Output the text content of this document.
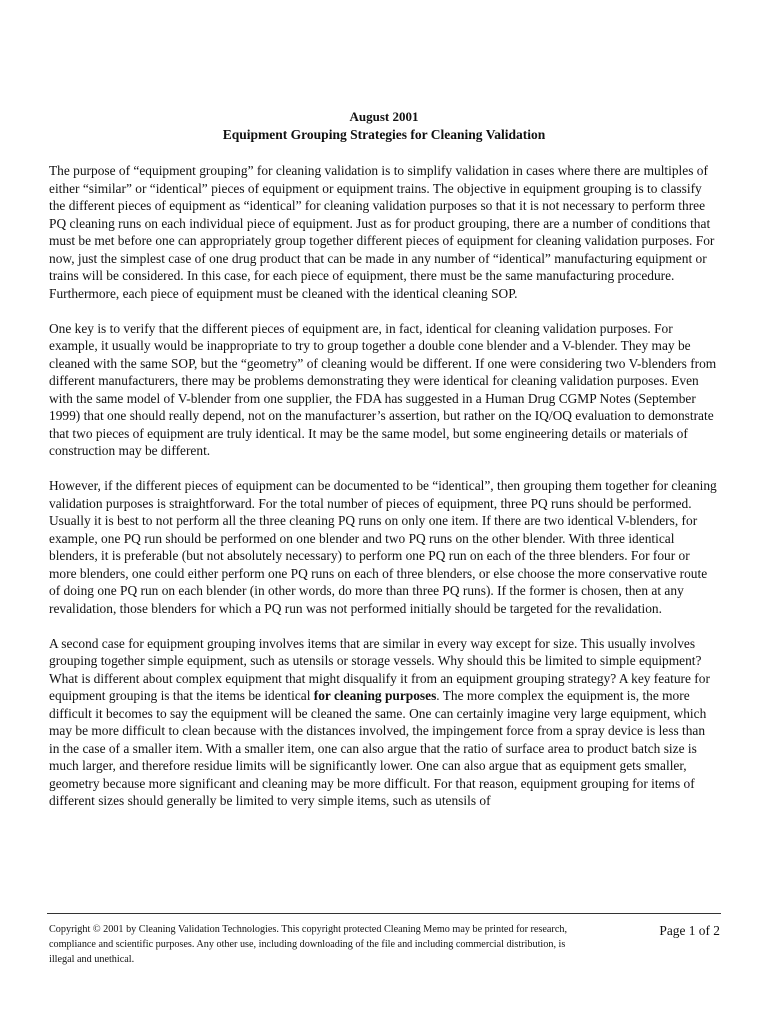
August 2001

Equipment Grouping Strategies for Cleaning Validation

The purpose of “equipment grouping” for cleaning validation is to simplify validation in cases where there are multiples of either “similar” or “identical” pieces of equipment or equipment trains. The objective in equipment grouping is to classify the different pieces of equipment as “identical” for cleaning validation purposes so that it is not necessary to perform three PQ cleaning runs on each individual piece of equipment. Just as for product grouping, there are a number of conditions that must be met before one can appropriately group together different pieces of equipment for cleaning validation purposes. For now, just the simplest case of one drug product that can be made in any number of “identical” manufacturing equipment or trains will be considered. In this case, for each piece of equipment, there must be the same manufacturing procedure. Furthermore, each piece of equipment must be cleaned with the identical cleaning SOP.

One key is to verify that the different pieces of equipment are, in fact, identical for cleaning validation purposes. For example, it usually would be inappropriate to try to group together a double cone blender and a V-blender. They may be cleaned with the same SOP, but the “geometry” of cleaning would be different. If one were considering two V-blenders from different manufacturers, there may be problems demonstrating they were identical for cleaning validation purposes. Even with the same model of V-blender from one supplier, the FDA has suggested in a Human Drug CGMP Notes (September 1999) that one should really depend, not on the manufacturer’s assertion, but rather on the IQ/OQ evaluation to demonstrate that two pieces of equipment are truly identical. It may be the same model, but some engineering details or materials of construction may be different.

However, if the different pieces of equipment can be documented to be “identical”, then grouping them together for cleaning validation purposes is straightforward. For the total number of pieces of equipment, three PQ runs should be performed. Usually it is best to not perform all the three cleaning PQ runs on only one item. If there are two identical V-blenders, for example, one PQ run should be performed on one blender and two PQ runs on the other blender. With three identical blenders, it is preferable (but not absolutely necessary) to perform one PQ run on each of the three blenders. For four or more blenders, one could either perform one PQ runs on each of three blenders, or else choose the more conservative route of doing one PQ run on each blender (in other words, do more than three PQ runs). If the former is chosen, then at any revalidation, those blenders for which a PQ run was not performed initially should be targeted for the revalidation.

A second case for equipment grouping involves items that are similar in every way except for size. This usually involves grouping together simple equipment, such as utensils or storage vessels. Why should this be limited to simple equipment? What is different about complex equipment that might disqualify it from an equipment grouping strategy? A key feature for equipment grouping is that the items be identical for cleaning purposes. The more complex the equipment is, the more difficult it becomes to say the equipment will be cleaned the same. One can certainly imagine very large equipment, which may be more difficult to clean because with the distances involved, the impingement force from a spray device is less than in the case of a smaller item. With a smaller item, one can also argue that the ratio of surface area to product batch size is much larger, and therefore residue limits will be significantly lower. One can also argue that as equipment gets smaller, geometry because more significant and cleaning may be more difficult. For that reason, equipment grouping for items of different sizes should generally be limited to very simple items, such as utensils of

Copyright © 2001 by Cleaning Validation Technologies. This copyright protected Cleaning Memo may be printed for research, compliance and scientific purposes. Any other use, including downloading of the file and including commercial distribution, is illegal and unethical.
Page 1 of 2
